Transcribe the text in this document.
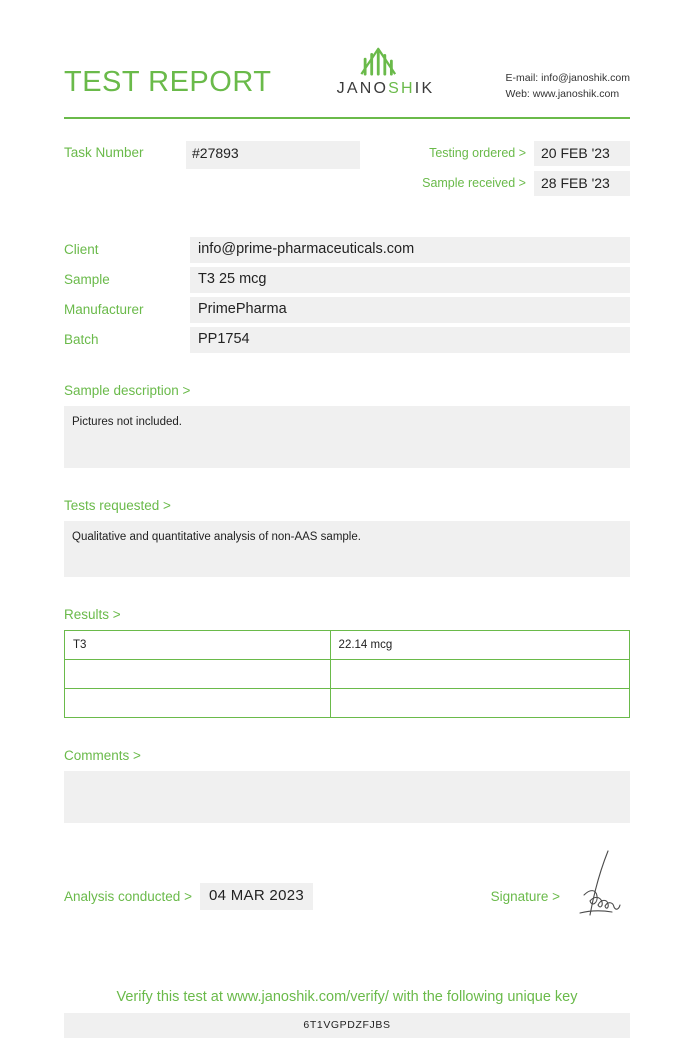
TEST REPORT	JANOSHIK
E-mail: info@janoshik.com
Web: www.janoshik.com
Task Number	#27893	Testing ordered >	20 FEB '23
Sample received >	28 FEB '23
Client	info@prime-pharmaceuticals.com
Sample	T3 25 mcg
Manufacturer	PrimePharma
Batch	PP1754
Sample description >
Pictures not included.
Tests requested >
Qualitative and quantitative analysis of non-AAS sample.
Results >
T3	22.14 mcg

Comments >
Analysis conducted >	04 MAR 2023	Signature >
Verify this test at www.janoshik.com/verify/ with the following unique key
6T1VGPDZFJBS
